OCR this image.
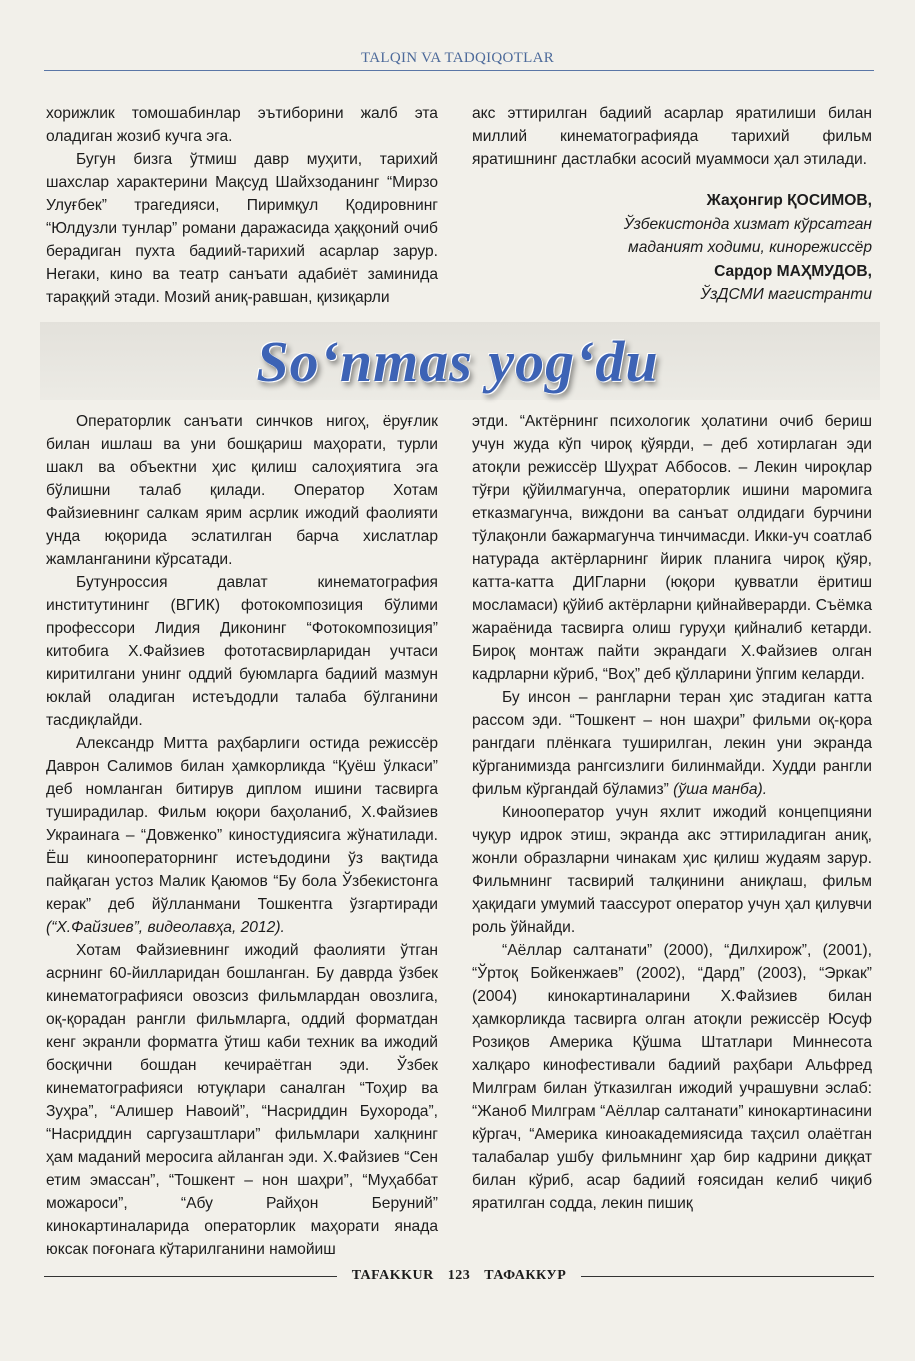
TALQIN VA TADQIQOTLAR

хорижлик томошабинлар эътиборини жалб эта оладиган жозиб кучга эга.

Бугун бизга ўтмиш давр муҳити, тарихий шахслар характерини Мақсуд Шайхзоданинг “Мирзо Улуғбек” трагедияси, Пиримқул Қодировнинг “Юлдузли тунлар” романи даражасида ҳаққоний очиб берадиган пухта бадиий-тарихий асарлар зарур. Негаки, кино ва театр санъати адабиёт заминида тараққий этади. Мозий аниқ-равшан, қизиқарли

акс эттирилган бадиий асарлар яратилиши билан миллий кинематографияда тарихий фильм яратишнинг дастлабки асосий муаммоси ҳал этилади.

Жаҳонгир ҚОСИМОВ,
Ўзбекистонда хизмат кўрсатган
маданият ходими, кинорежиссёр
Сардор МАҲМУДОВ,
ЎзДСМИ магистранти
So‘nmas yog‘du

Операторлик санъати синчков нигоҳ, ёруғлик билан ишлаш ва уни бошқариш маҳорати, турли шакл ва объектни ҳис қилиш салоҳиятига эга бўлишни талаб қилади. Оператор Хотам Файзиевнинг салкам ярим асрлик ижодий фаолияти унда юқорида эслатилган барча хислатлар жамланганини кўрсатади.

Бутунроссия давлат кинематография институтининг (ВГИК) фотокомпозиция бўлими профессори Лидия Диконинг “Фотокомпозиция” китобига Х.Файзиев фототасвирларидан учтаси киритилгани унинг оддий буюмларга бадиий мазмун юклай оладиган истеъдодли талаба бўлганини тасдиқлайди.

Александр Митта раҳбарлиги остида режиссёр Даврон Салимов билан ҳамкорликда “Қуёш ўлкаси” деб номланган битирув диплом ишини тасвирга туширадилар. Фильм юқори баҳоланиб, Х.Файзиев Украинага – “Довженко” киностудиясига жўнатилади. Ёш кинооператорнинг истеъдодини ўз вақтида пайқаган устоз Малик Қаюмов “Бу бола Ўзбекистонга керак” деб йўлланмани Тошкентга ўзгартиради (“Х.Файзиев”, видеолавҳа, 2012).

Хотам Файзиевнинг ижодий фаолияти ўтган асрнинг 60-йилларидан бошланган. Бу даврда ўзбек кинематографияси овозсиз фильмлардан овозлига, оқ-қорадан рангли фильмларга, оддий форматдан кенг экранли форматга ўтиш каби техник ва ижодий босқични бошдан кечираётган эди. Ўзбек кинематографияси ютуқлари саналган “Тоҳир ва Зуҳра”, “Алишер Навоий”, “Насриддин Бухорода”, “Насриддин саргузаштлари” фильмлари халқнинг ҳам маданий меросига айланган эди. Х.Файзиев “Сен етим эмассан”, “Тошкент – нон шаҳри”, “Муҳаббат можароси”, “Абу Райҳон Беруний” кинокартиналарида операторлик маҳорати янада юксак поғонага кўтарилганини намойиш

этди. “Актёрнинг психологик ҳолатини очиб бериш учун жуда кўп чироқ қўярди, – деб хотирлаган эди атоқли режиссёр Шуҳрат Аббосов. – Лекин чироқлар тўғри қўйилмагунча, операторлик ишини маромига етказмагунча, виждони ва санъат олдидаги бурчини тўлақонли бажармагунча тинчимасди. Икки-уч соатлаб натурада актёрларнинг йирик планига чироқ қўяр, катта-катта ДИГларни (юқори қувватли ёритиш мосламаси) қўйиб актёрларни қийнайверарди. Съёмка жараёнида тасвирга олиш гуруҳи қийналиб кетарди. Бироқ монтаж пайти экрандаги Х.Файзиев олган кадрларни кўриб, “Воҳ” деб қўлларини ўпгим келарди.

Бу инсон – рангларни теран ҳис этадиган катта рассом эди. “Тошкент – нон шаҳри” фильми оқ-қора рангдаги плёнкага туширилган, лекин уни экранда кўрганимизда рангсизлиги билинмайди. Худди рангли фильм кўргандай бўламиз” (ўша манба).

Кинооператор учун яхлит ижодий концепцияни чуқур идрок этиш, экранда акс эттириладиган аниқ, жонли образларни чинакам ҳис қилиш жудаям зарур. Фильмнинг тасвирий талқинини аниқлаш, фильм ҳақидаги умумий таассурот оператор учун ҳал қилувчи роль ўйнайди.

“Аёллар салтанати” (2000), “Дилхирож”, (2001), “Ўртоқ Бойкенжаев” (2002), “Дард” (2003), “Эркак” (2004) кинокартиналарини Х.Файзиев билан ҳамкорликда тасвирга олган атоқли режиссёр Юсуф Розиқов Америка Қўшма Штатлари Миннесота халқаро кинофестивали бадиий раҳбари Альфред Милграм билан ўтказилган ижодий учрашувни эслаб: “Жаноб Милграм “Аёллар салтанати” кинокартинасини кўргач, “Америка киноакадемиясида таҳсил олаётган талабалар ушбу фильмнинг ҳар бир кадрини диққат билан кўриб, асар бадиий ғоясидан келиб чиқиб яратилган содда, лекин пишиқ

TAFAKKUR 123 ТАФАККУР
